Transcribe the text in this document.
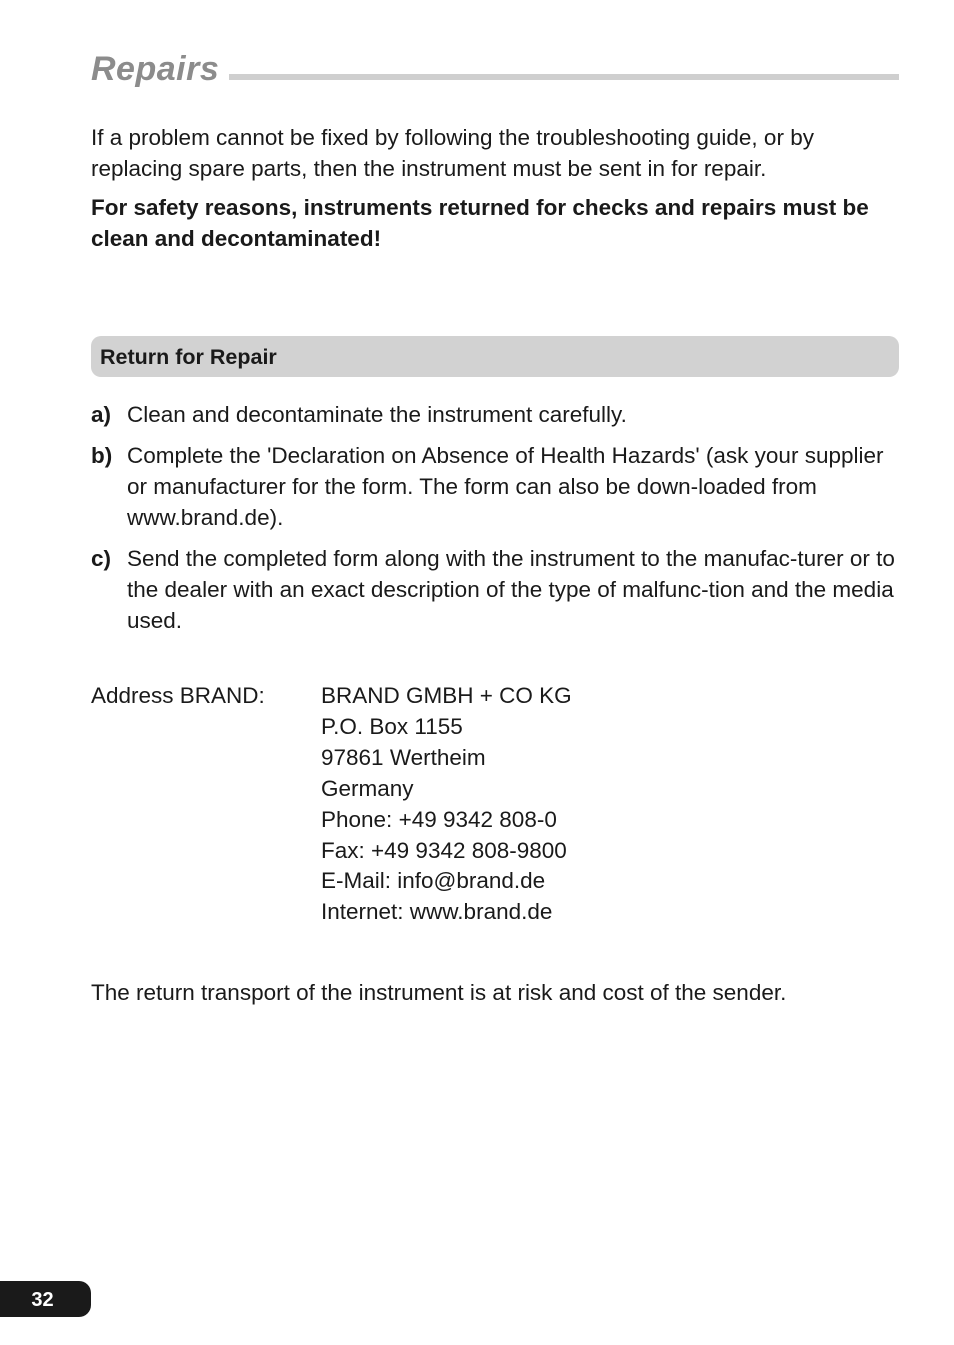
Repairs

If a problem cannot be fixed by following the troubleshooting guide, or by replacing spare parts, then the instrument must be sent in for repair.

For safety reasons, instruments returned for checks and repairs must be clean and decontaminated!

Return for Repair
a) Clean and decontaminate the instrument carefully.
b) Complete the 'Declaration on Absence of Health Hazards' (ask your supplier or manufacturer for the form. The form can also be down-loaded from www.brand.de).
c) Send the completed form along with the instrument to the manufac-turer or to the dealer with an exact description of the type of malfunc-tion and the media used.
Address BRAND: BRAND GMBH + CO KG
P.O. Box 1155
97861 Wertheim
Germany
Phone: +49 9342 808-0
Fax: +49 9342 808-9800
E-Mail: info@brand.de
Internet: www.brand.de

The return transport of the instrument is at risk and cost of the sender.

32
